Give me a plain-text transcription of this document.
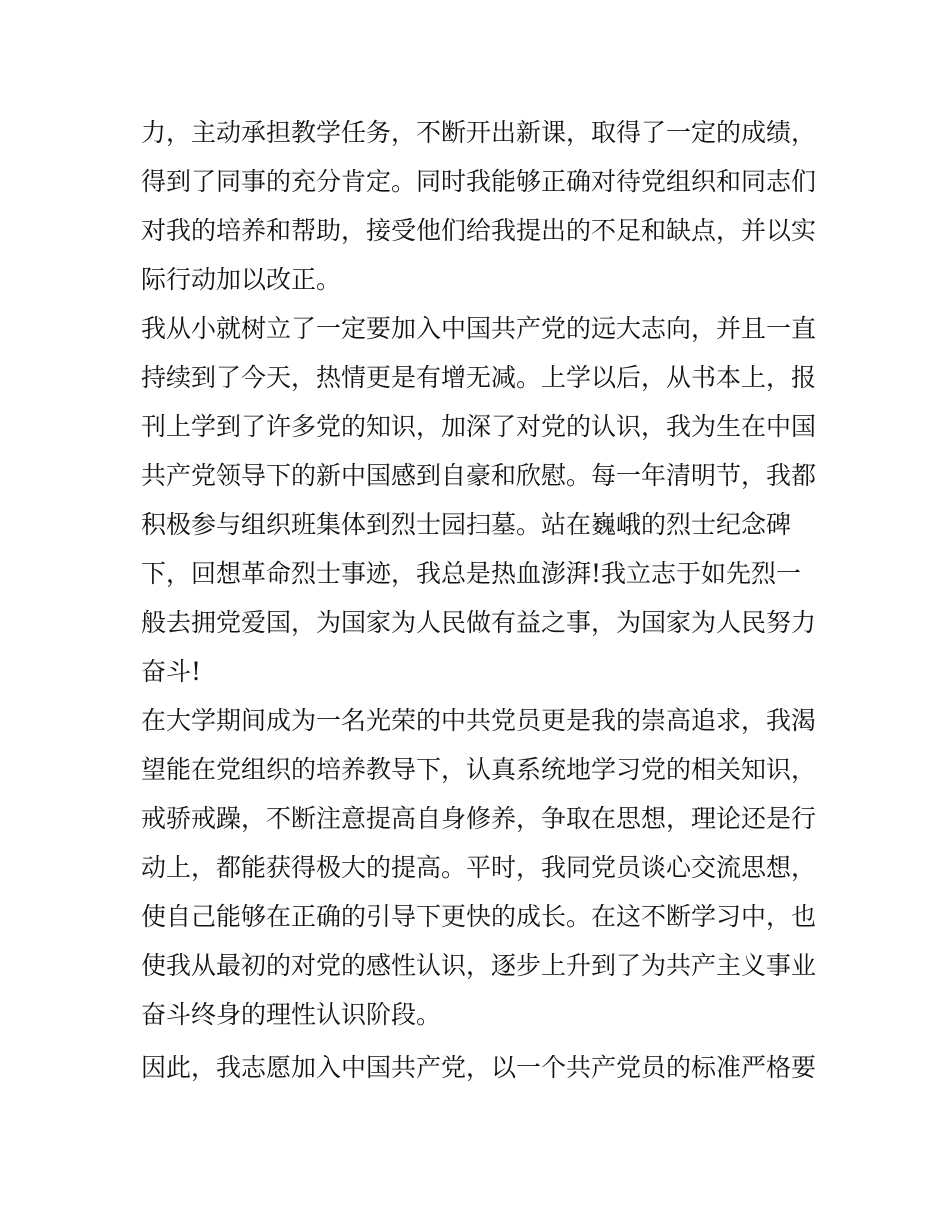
力，主动承担教学任务，不断开出新课，取得了一定的成绩，
得到了同事的充分肯定。同时我能够正确对待党组织和同志们
对我的培养和帮助，接受他们给我提出的不足和缺点，并以实
际行动加以改正。
我从小就树立了一定要加入中国共产党的远大志向，并且一直
持续到了今天，热情更是有增无减。上学以后，从书本上，报
刊上学到了许多党的知识，加深了对党的认识，我为生在中国
共产党领导下的新中国感到自豪和欣慰。每一年清明节，我都
积极参与组织班集体到烈士园扫墓。站在巍峨的烈士纪念碑
下，回想革命烈士事迹，我总是热血澎湃!我立志于如先烈一
般去拥党爱国，为国家为人民做有益之事，为国家为人民努力
奋斗!
在大学期间成为一名光荣的中共党员更是我的崇高追求，我渴
望能在党组织的培养教导下，认真系统地学习党的相关知识，
戒骄戒躁，不断注意提高自身修养，争取在思想，理论还是行
动上，都能获得极大的提高。平时，我同党员谈心交流思想，
使自己能够在正确的引导下更快的成长。在这不断学习中，也
使我从最初的对党的感性认识，逐步上升到了为共产主义事业
奋斗终身的理性认识阶段。
因此，我志愿加入中国共产党，以一个共产党员的标准严格要
